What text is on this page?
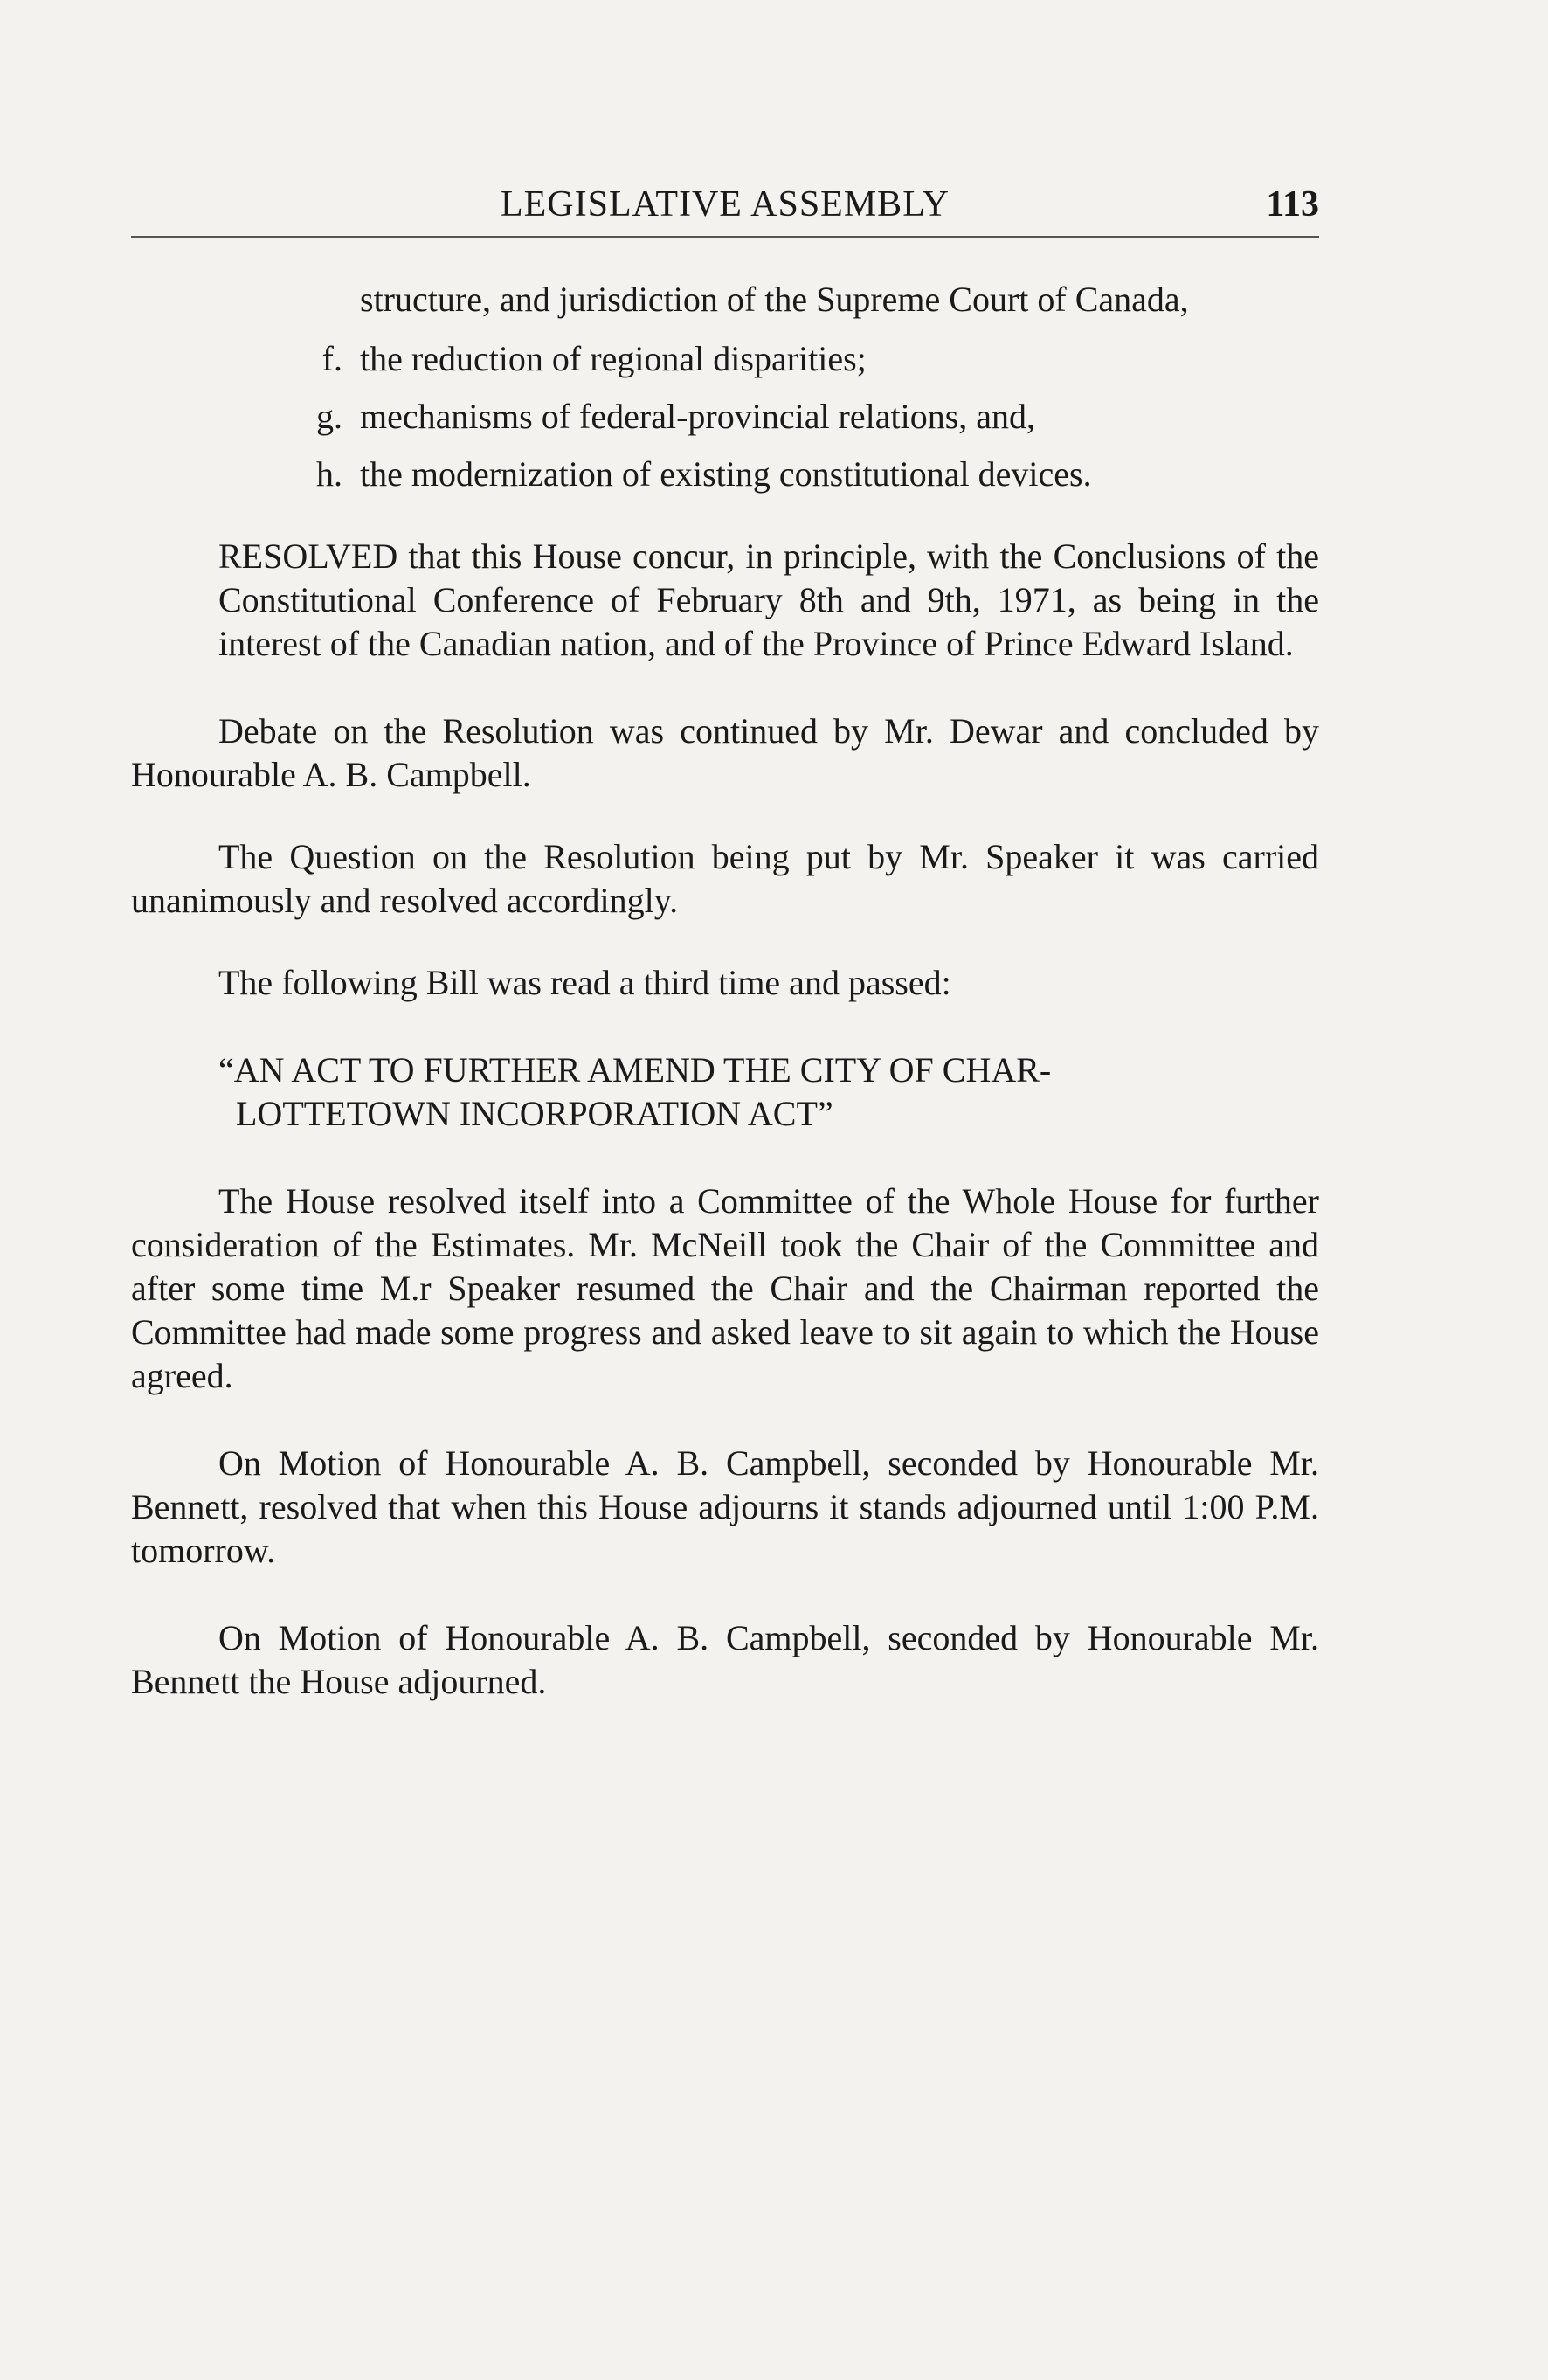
LEGISLATIVE ASSEMBLY	113

structure, and jurisdiction of the Supreme Court of Canada,

f. the reduction of regional disparities;
g. mechanisms of federal-provincial relations, and,
h. the modernization of existing constitutional devices.

RESOLVED that this House concur, in principle, with the Conclusions of the Constitutional Conference of February 8th and 9th, 1971, as being in the interest of the Canadian nation, and of the Province of Prince Edward Island.

Debate on the Resolution was continued by Mr. Dewar and concluded by Honourable A. B. Campbell.

The Question on the Resolution being put by Mr. Speaker it was carried unanimously and resolved accordingly.

The following Bill was read a third time and passed:

“AN ACT TO FURTHER AMEND THE CITY OF CHAR-
LOTTETOWN INCORPORATION ACT”

The House resolved itself into a Committee of the Whole House for further consideration of the Estimates. Mr. McNeill took the Chair of the Committee and after some time M.r Speaker resumed the Chair and the Chairman reported the Committee had made some progress and asked leave to sit again to which the House agreed.

On Motion of Honourable A. B. Campbell, seconded by Honourable Mr. Bennett, resolved that when this House adjourns it stands adjourned until 1:00 P.M. tomorrow.

On Motion of Honourable A. B. Campbell, seconded by Honourable Mr. Bennett the House adjourned.
